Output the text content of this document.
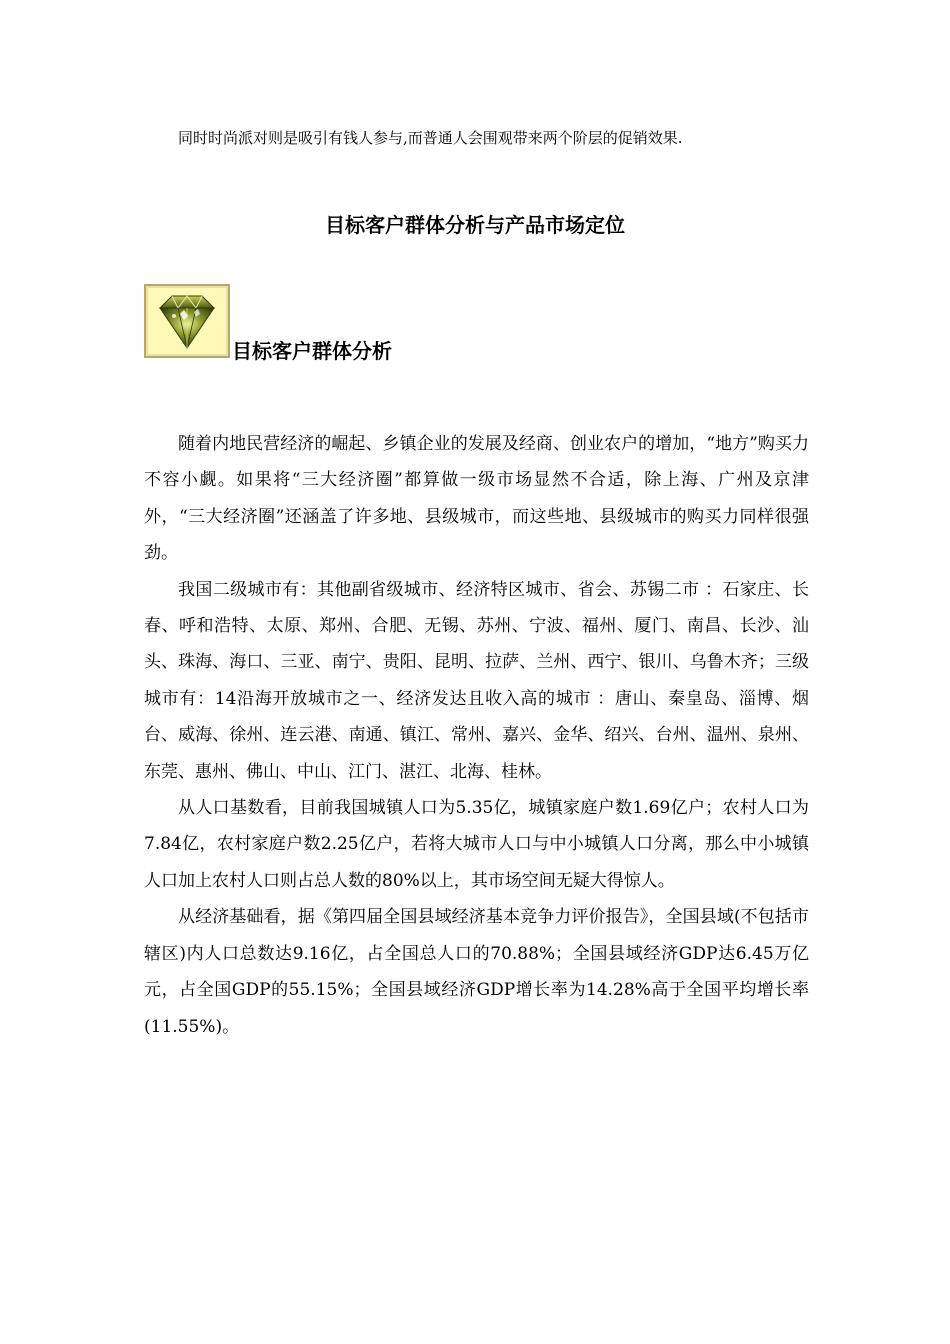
同时时尚派对则是吸引有钱人参与,而普通人会围观带来两个阶层的促销效果.
目标客户群体分析与产品市场定位
目标客户群体分析

随着内地民营经济的崛起、乡镇企业的发展及经商、创业农户的增加，“地方”购买力不容小觑。如果将“三大经济圈”都算做一级市场显然不合适，除上海、广州及京津外，“三大经济圈”还涵盖了许多地、县级城市，而这些地、县级城市的购买力同样很强劲。

我国二级城市有：其他副省级城市、经济特区城市、省会、苏锡二市 ：石家庄、长春、呼和浩特、太原、郑州、合肥、无锡、苏州、宁波、福州、厦门、南昌、长沙、汕头、珠海、海口、三亚、南宁、贵阳、昆明、拉萨、兰州、西宁、银川、乌鲁木齐；三级城市有：14沿海开放城市之一、经济发达且收入高的城市 ：唐山、秦皇岛、淄博、烟台、威海、徐州、连云港、南通、镇江、常州、嘉兴、金华、绍兴、台州、温州、泉州、东莞、惠州、佛山、中山、江门、湛江、北海、桂林。

从人口基数看，目前我国城镇人口为5.35亿，城镇家庭户数1.69亿户；农村人口为7.84亿，农村家庭户数2.25亿户，若将大城市人口与中小城镇人口分离，那么中小城镇人口加上农村人口则占总人数的80%以上，其市场空间无疑大得惊人。

从经济基础看，据《第四届全国县域经济基本竞争力评价报告》，全国县域(不包括市辖区)内人口总数达9.16亿，占全国总人口的70.88%；全国县域经济GDP达6.45万亿元，占全国GDP的55.15%；全国县域经济GDP增长率为14.28%高于全国平均增长率(11.55%)。
